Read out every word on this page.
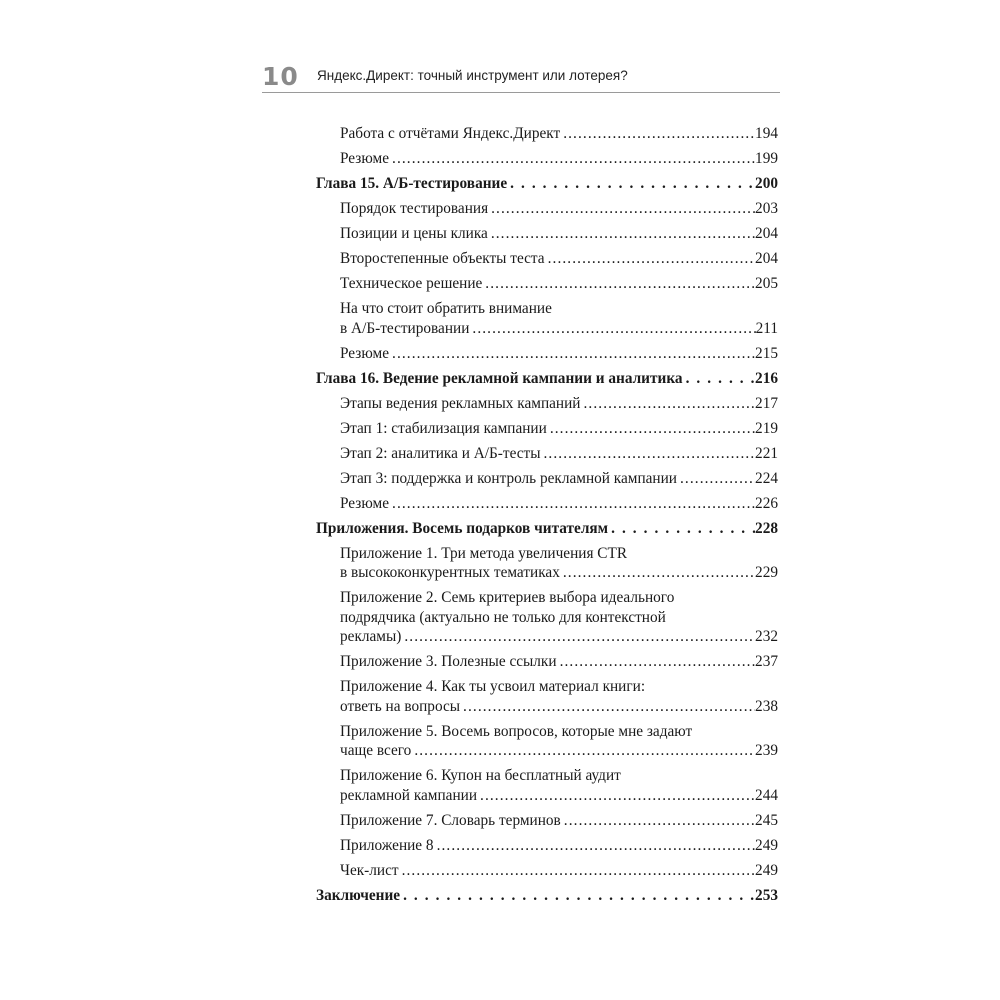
10 Яндекс.Директ: точный инструмент или лотерея?
Работа с отчётами Яндекс.Директ .....	194
Резюме .....	199
Глава 15. А/Б-тестирование . . .	200
Порядок тестирования .....	203
Позиции и цены клика .....	204
Второстепенные объекты теста .....	204
Техническое решение .....	205
На что стоит обратить внимание
в А/Б-тестировании .....	211
Резюме .....	215
Глава 16. Ведение рекламной кампании и аналитика . . .	216
Этапы ведения рекламных кампаний .....	217
Этап 1: стабилизация кампании .....	219
Этап 2: аналитика и А/Б-тесты .....	221
Этап 3: поддержка и контроль рекламной кампании .....	224
Резюме .....	226
Приложения. Восемь подарков читателям . . .	228
Приложение 1. Три метода увеличения CTR
в высококонкурентных тематиках .....	229
Приложение 2. Семь критериев выбора идеального
подрядчика (актуально не только для контекстной
рекламы) .....	232
Приложение 3. Полезные ссылки .....	237
Приложение 4. Как ты усвоил материал книги:
ответь на вопросы .....	238
Приложение 5. Восемь вопросов, которые мне задают
чаще всего .....	239
Приложение 6. Купон на бесплатный аудит
рекламной кампании .....	244
Приложение 7. Словарь терминов .....	245
Приложение 8 .....	249
Чек-лист .....	249
Заключение . . .	253
